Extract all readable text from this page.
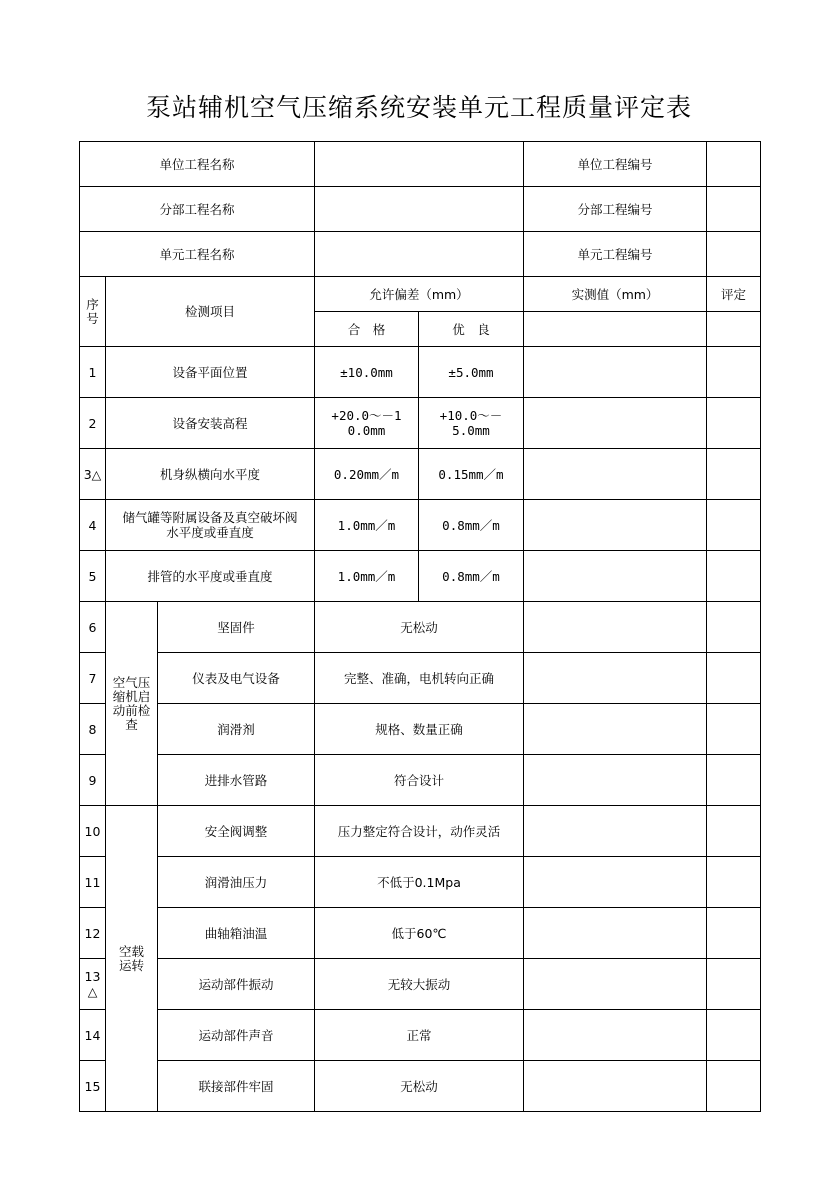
泵站辅机空气压缩系统安装单元工程质量评定表
单位工程名称					单位工程编号	
分部工程名称					分部工程编号	
单元工程名称					单元工程编号	
序号	检测项目		允许偏差（mm）		实测值（mm）	评定
			合　格	优　良		
1	设备平面位置		±10.0mm	±5.0mm		
2	设备安装高程		+20.0～－10.0mm	+10.0～－5.0mm		
3△	机身纵横向水平度		0.20mm／m	0.15mm／m		
4	储气罐等附属设备及真空破坏阀水平度或垂直度		1.0mm／m	0.8mm／m		
5	排管的水平度或垂直度		1.0mm／m	0.8mm／m		
6	空气压缩机启动前检查	坚固件	无松动			
7		仪表及电气设备	完整、准确，电机转向正确			
8		润滑剂	规格、数量正确			
9		进排水管路	符合设计			
10	空载运转	安全阀调整	压力整定符合设计，动作灵活			
11		润滑油压力	不低于0.1Mpa			
12		曲轴箱油温	低于60℃			
13△		运动部件振动	无较大振动			
14		运动部件声音	正常			
15		联接部件牢固	无松动			
